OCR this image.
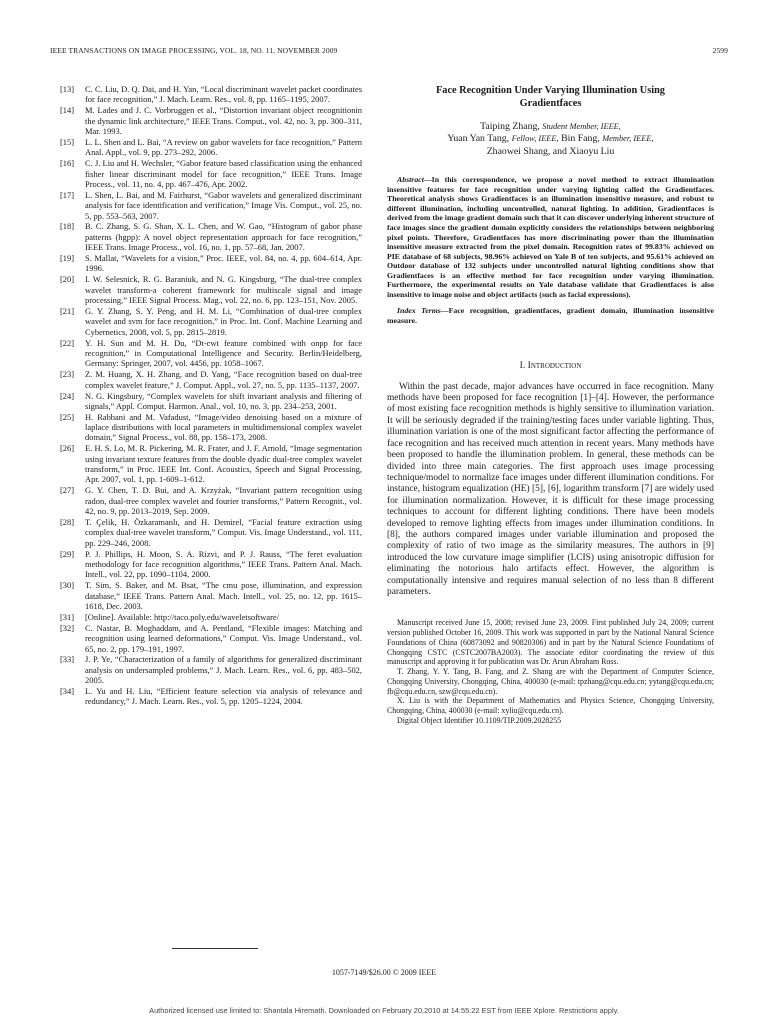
IEEE TRANSACTIONS ON IMAGE PROCESSING, VOL. 18, NO. 11, NOVEMBER 2009	2599
[13] C. C. Liu, D. Q. Dai, and H. Yan, “Local discriminant wavelet packet coordinates for face recognition,” J. Mach. Learn. Res., vol. 8, pp. 1165–1195, 2007.
[14] M. Lades and J. C. Vorbruggen et al., “Distortion invariant object recognitionin the dynamic link architecture,” IEEE Trans. Comput., vol. 42, no. 3, pp. 300–311, Mar. 1993.
[15] L. L. Shen and L. Bai, “A review on gabor wavelets for face recognition,” Pattern Anal. Appl., vol. 9, pp. 273–292, 2006.
[16] C. J. Liu and H. Wechsler, “Gabor feature based classification using the enhanced fisher linear discriminant model for face recognition,” IEEE Trans. Image Process., vol. 11, no. 4, pp. 467–476, Apr. 2002.
[17] L. Shen, L. Bai, and M. Fairhurst, “Gabor wavelets and generalized discriminant analysis for face identification and verification,” Image Vis. Comput., vol. 25, no. 5, pp. 553–563, 2007.
[18] B. C. Zhang, S. G. Shan, X. L. Chen, and W. Gao, “Histogram of gabor phase patterns (hgpp): A novel object representation approach for face recognition,” IEEE Trans. Image Process., vol. 16, no. 1, pp. 57–68, Jan. 2007.
[19] S. Mallat, “Wavelets for a vision,” Proc. IEEE, vol. 84, no. 4, pp. 604–614, Apr. 1996.
[20] I. W. Selesnick, R. G. Baraniuk, and N. G. Kingsburg, “The dual-tree complex wavelet transform-a coherent framework for multiscale signal and image processing,” IEEE Signal Process. Mag., vol. 22, no. 6, pp. 123–151, Nov. 2005.
[21] G. Y. Zhang, S. Y. Peng, and H. M. Li, “Combination of dual-tree complex wavelet and svm for face recognition,” in Proc. Int. Conf. Machine Learning and Cybernetics, 2008, vol. 5, pp. 2815–2819.
[22] Y. H. Sun and M. H. Du, “Dt-cwt feature combined with onpp for face recognition,” in Computational Intelligence and Security. Berlin/Heidelberg, Germany: Springer, 2007, vol. 4456, pp. 1058–1067.
[23] Z. M. Huang, X. H. Zhang, and D. Yang, “Face recognition based on dual-tree complex wavelet feature,” J. Comput. Appl., vol. 27, no. 5, pp. 1135–1137, 2007.
[24] N. G. Kingsbury, “Complex wavelets for shift invariant analysis and filtering of signals,” Appl. Comput. Harmon. Anal., vol. 10, no. 3, pp. 234–253, 2001.
[25] H. Rabbani and M. Vafadust, “Image/video denoising based on a mixture of laplace distributions with local parameters in multidimensional complex wavelet domain,” Signal Process., vol. 88, pp. 158–173, 2008.
[26] E. H. S. Lo, M. R. Pickering, M. R. Frater, and J. F. Arnold, “Image segmentation using invariant texture features from the double dyadic dual-tree complex wavelet transform,” in Proc. IEEE Int. Conf. Acoustics, Speech and Signal Processing, Apr. 2007, vol. 1, pp. 1-609–1-612.
[27] G. Y. Chen, T. D. Bui, and A. Krzyżak, “Invariant pattern recognition using radon, dual-tree complex wavelet and fourier transforms,” Pattern Recognit., vol. 42, no. 9, pp. 2013–2019, Sep. 2009.
[28] T. Çelik, H. Özkaramanlı, and H. Demirel, “Facial feature extraction using complex dual-tree wavelet transform,” Comput. Vis. Image Understand., vol. 111, pp. 229–246, 2008.
[29] P. J. Phillips, H. Moon, S. A. Rizvi, and P. J. Rauss, “The feret evaluation methodology for face recognition algorithms,” IEEE Trans. Pattern Anal. Mach. Intell., vol. 22, pp. 1090–1104, 2000.
[30] T. Sim, S. Baker, and M. Bsat, “The cmu pose, illumination, and expression database,” IEEE Trans. Pattern Anal. Mach. Intell., vol. 25, no. 12, pp. 1615–1618, Dec. 2003.
[31] [Online]. Available: http://taco.poly.edu/waveletsoftware/
[32] C. Nastar, B. Moghaddam, and A. Pentland, “Flexible images: Matching and recognition using learned deformations,” Comput. Vis. Image Understand., vol. 65, no. 2, pp. 179–191, 1997.
[33] J. P. Ye, “Characterization of a family of algorithms for generalized discriminant analysis on undersampled problems,” J. Mach. Learn. Res., vol. 6, pp. 483–502, 2005.
[34] L. Yu and H. Liu, “Efficient feature selection via analysis of relevance and redundancy,” J. Mach. Learn. Res., vol. 5, pp. 1205–1224, 2004.
Face Recognition Under Varying Illumination Using Gradientfaces
Taiping Zhang, Student Member, IEEE,
Yuan Yan Tang, Fellow, IEEE, Bin Fang, Member, IEEE,
Zhaowei Shang, and Xiaoyu Liu
Abstract—In this correspondence, we propose a novel method to extract illumination insensitive features for face recognition under varying lighting called the Gradientfaces. Theoretical analysis shows Gradientfaces is an illumination insensitive measure, and robust to different illumination, including uncontrolled, natural lighting. In addition, Gradientfaces is derived from the image gradient domain such that it can discover underlying inherent structure of face images since the gradient domain explicitly considers the relationships between neighboring pixel points. Therefore, Gradientfaces has more discriminating power than the illumination insensitive measure extracted from the pixel domain. Recognition rates of 99.83% achieved on PIE database of 68 subjects, 98.96% achieved on Yale B of ten subjects, and 95.61% achieved on Outdoor database of 132 subjects under uncontrolled natural lighting conditions show that Gradientfaces is an effective method for face recognition under varying illumination. Furthermore, the experimental results on Yale database validate that Gradientfaces is also insensitive to image noise and object artifacts (such as facial expressions).
Index Terms—Face recognition, gradientfaces, gradient domain, illumination insensitive measure.
I. Introduction
Within the past decade, major advances have occurred in face recognition. Many methods have been proposed for face recognition [1]–[4]. However, the performance of most existing face recognition methods is highly sensitive to illumination variation. It will be seriously degraded if the training/testing faces under variable lighting. Thus, illumination variation is one of the most significant factor affecting the performance of face recognition and has received much attention in recent years. Many methods have been proposed to handle the illumination problem. In general, these methods can be divided into three main categories. The first approach uses image processing technique/model to normalize face images under different illumination conditions. For instance, histogram equalization (HE) [5], [6], logarithm transform [7] are widely used for illumination normalization. However, it is difficult for these image processing techniques to account for different lighting conditions. There have been models developed to remove lighting effects from images under illumination conditions. In [8], the authors compared images under variable illumination and proposed the complexity of ratio of two image as the similarity measures. The authors in [9] introduced the low curvature image simplifier (LCIS) using anisotropic diffusion for eliminating the notorious halo artifacts effect. However, the algorithm is computationally intensive and requires manual selection of no less than 8 different parameters.

Manuscript received June 15, 2008; revised June 23, 2009. First published July 24, 2009; current version published October 16, 2009. This work was supported in part by the National Natural Science Foundations of China (60873092 and 90820306) and in part by the Natural Science Foundations of Chongqing CSTC (CSTC2007BA2003). The associate editor coordinating the review of this manuscript and approving it for publication was Dr. Arun Abraham Ross.

T. Zhang, Y. Y. Tang, B. Fang, and Z. Shang are with the Department of Computer Science, Chongqing University, Chongqing, China, 400030 (e-mail: tpzhang@cqu.edu.cn; yytang@cqu.edu.cn; fb@cqu.edu.cn, szw@cqu.edu.cn).

X. Liu is with the Department of Mathematics and Physics Science, Chongqing University, Chongqing, China, 400030 (e-mail: xyliu@cqu.edu.cn).

Digital Object Identifier 10.1109/TIP.2009.2028255

1057-7149/$26.00 © 2009 IEEE
Authorized licensed use limited to: Shantala Hiremath. Downloaded on February 20,2010 at 14:55:22 EST from IEEE Xplore. Restrictions apply.
